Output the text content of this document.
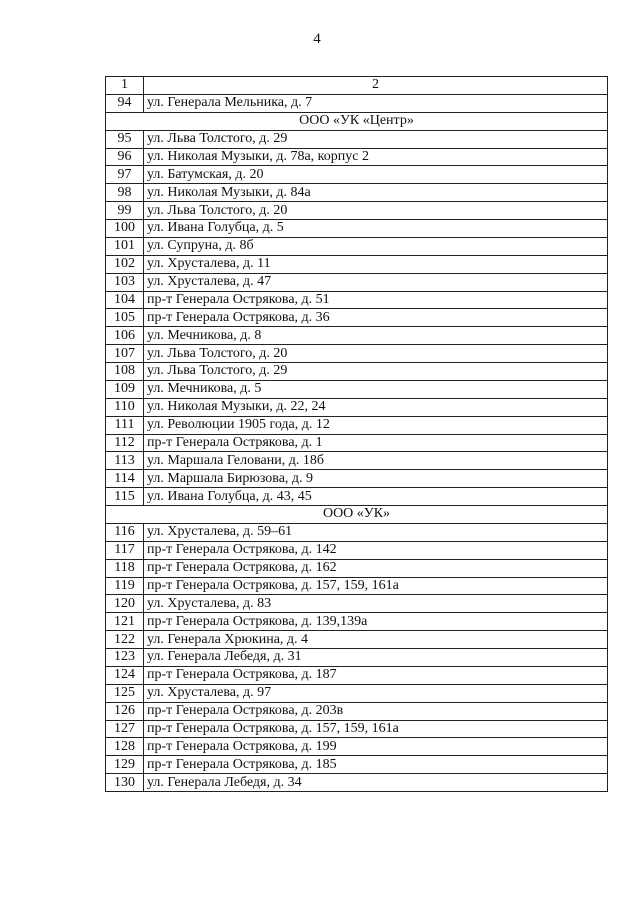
4
1	2
94	ул. Генерала Мельника, д. 7
ООО «УК «Центр»	
95	ул. Льва Толстого, д. 29
96	ул. Николая Музыки, д. 78а, корпус 2
97	ул. Батумская, д. 20
98	ул. Николая Музыки, д. 84а
99	ул. Льва Толстого, д. 20
100	ул. Ивана Голубца, д. 5
101	ул. Супруна, д. 8б
102	ул. Хрусталева, д. 11
103	ул. Хрусталева, д. 47
104	пр-т Генерала Острякова, д. 51
105	пр-т Генерала Острякова, д. 36
106	ул. Мечникова, д. 8
107	ул. Льва Толстого, д. 20
108	ул. Льва Толстого, д. 29
109	ул. Мечникова, д. 5
110	ул. Николая Музыки, д. 22, 24
111	ул. Революции 1905 года, д. 12
112	пр-т Генерала Острякова, д. 1
113	ул. Маршала Геловани, д. 18б
114	ул. Маршала Бирюзова, д. 9
115	ул. Ивана Голубца, д. 43, 45
ООО «УК»	
116	ул. Хрусталева, д. 59–61
117	пр-т Генерала Острякова, д. 142
118	пр-т Генерала Острякова, д. 162
119	пр-т Генерала Острякова, д. 157, 159, 161а
120	ул. Хрусталева, д. 83
121	пр-т Генерала Острякова, д. 139,139а
122	ул. Генерала Хрюкина, д. 4
123	ул. Генерала Лебедя, д. 31
124	пр-т Генерала Острякова, д. 187
125	ул. Хрусталева, д. 97
126	пр-т Генерала Острякова, д. 203в
127	пр-т Генерала Острякова, д. 157, 159, 161а
128	пр-т Генерала Острякова, д. 199
129	пр-т Генерала Острякова, д. 185
130	ул. Генерала Лебедя, д. 34
